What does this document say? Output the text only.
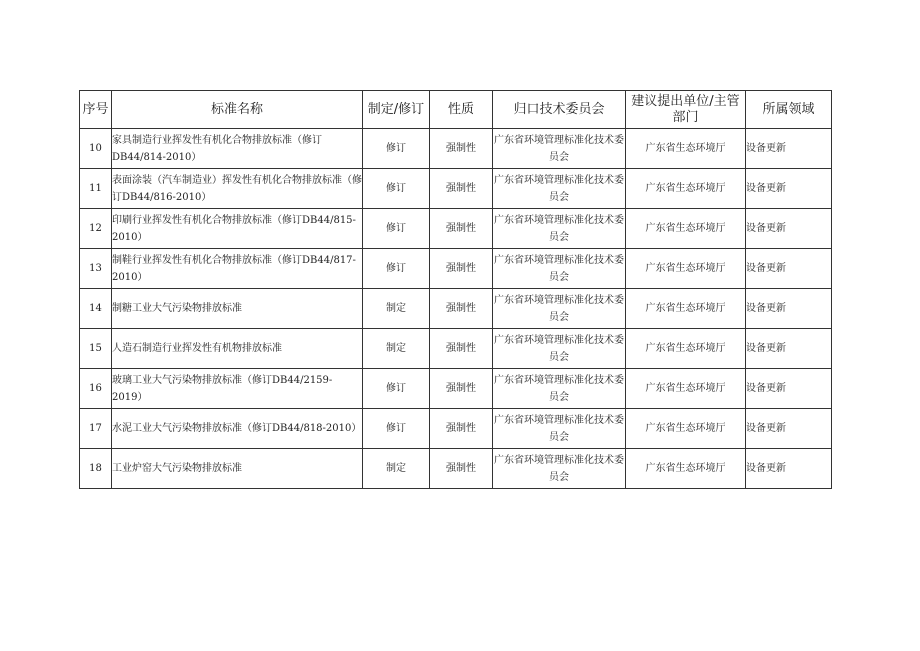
序号	标准名称	制定/修订	性质	归口技术委员会	建议提出单位/主管部门	所属领域
10	家具制造行业挥发性有机化合物排放标准（修订DB44/814-2010）	修订	强制性	广东省环境管理标准化技术委员会	广东省生态环境厅	设备更新
11	表面涂装（汽车制造业）挥发性有机化合物排放标准（修订DB44/816-2010）	修订	强制性	广东省环境管理标准化技术委员会	广东省生态环境厅	设备更新
12	印刷行业挥发性有机化合物排放标准（修订DB44/815-2010）	修订	强制性	广东省环境管理标准化技术委员会	广东省生态环境厅	设备更新
13	制鞋行业挥发性有机化合物排放标准（修订DB44/817-2010）	修订	强制性	广东省环境管理标准化技术委员会	广东省生态环境厅	设备更新
14	制糖工业大气污染物排放标准	制定	强制性	广东省环境管理标准化技术委员会	广东省生态环境厅	设备更新
15	人造石制造行业挥发性有机物排放标准	制定	强制性	广东省环境管理标准化技术委员会	广东省生态环境厅	设备更新
16	玻璃工业大气污染物排放标准（修订DB44/2159-2019）	修订	强制性	广东省环境管理标准化技术委员会	广东省生态环境厅	设备更新
17	水泥工业大气污染物排放标准（修订DB44/818-2010）	修订	强制性	广东省环境管理标准化技术委员会	广东省生态环境厅	设备更新
18	工业炉窑大气污染物排放标准	制定	强制性	广东省环境管理标准化技术委员会	广东省生态环境厅	设备更新
